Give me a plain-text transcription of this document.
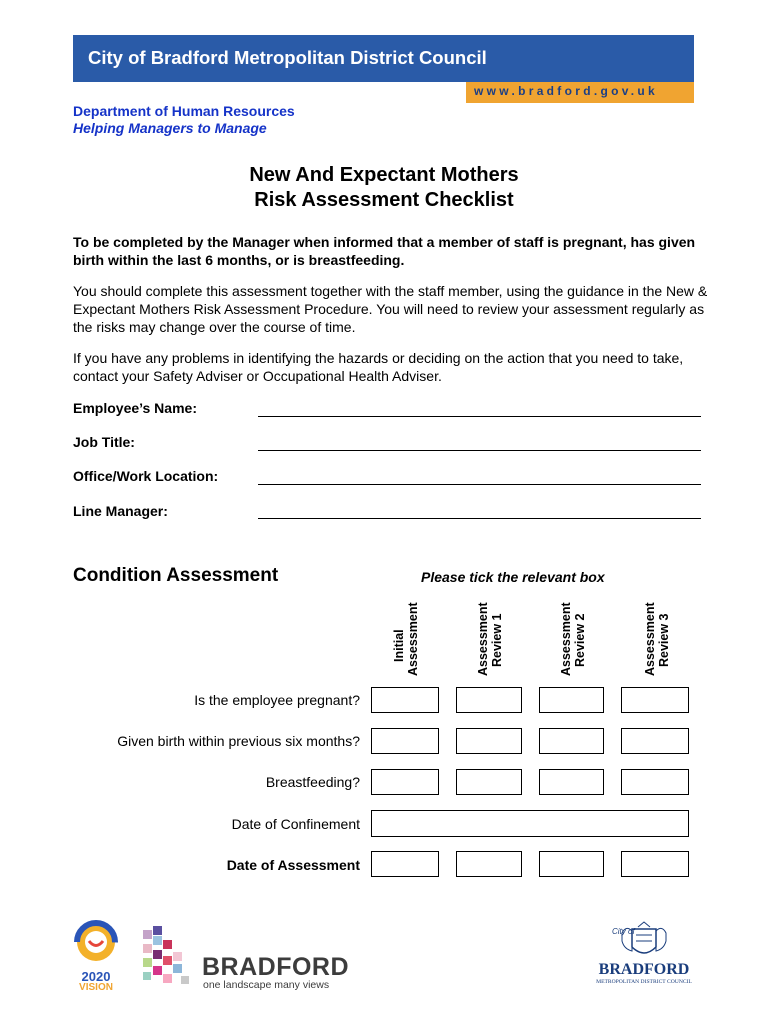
City of Bradford Metropolitan District Council
www.bradford.gov.uk
Department of Human Resources
Helping Managers to Manage
New And Expectant Mothers
Risk Assessment Checklist
To be completed by the Manager when informed that a member of staff is pregnant, has given birth within the last 6 months, or is breastfeeding.
You should complete this assessment together with the staff member, using the guidance in the New & Expectant Mothers Risk Assessment Procedure. You will need to review your assessment regularly as the risks may change over the course of time.
If you have any problems in identifying the hazards or deciding on the action that you need to take, contact your Safety Adviser or Occupational Health Adviser.
Employee’s Name:
Job Title:
Office/Work Location:
Line Manager:
Condition Assessment	Please tick the relevant box
Initial Assessment	Assessment Review 1	Assessment Review 2	Assessment Review 3
Is the employee pregnant?
Given birth within previous six months?
Breastfeeding?
Date of Confinement
Date of Assessment
2020
VISION
BRADFORD
one landscape many views
City of
BRADFORD
METROPOLITAN DISTRICT COUNCIL
